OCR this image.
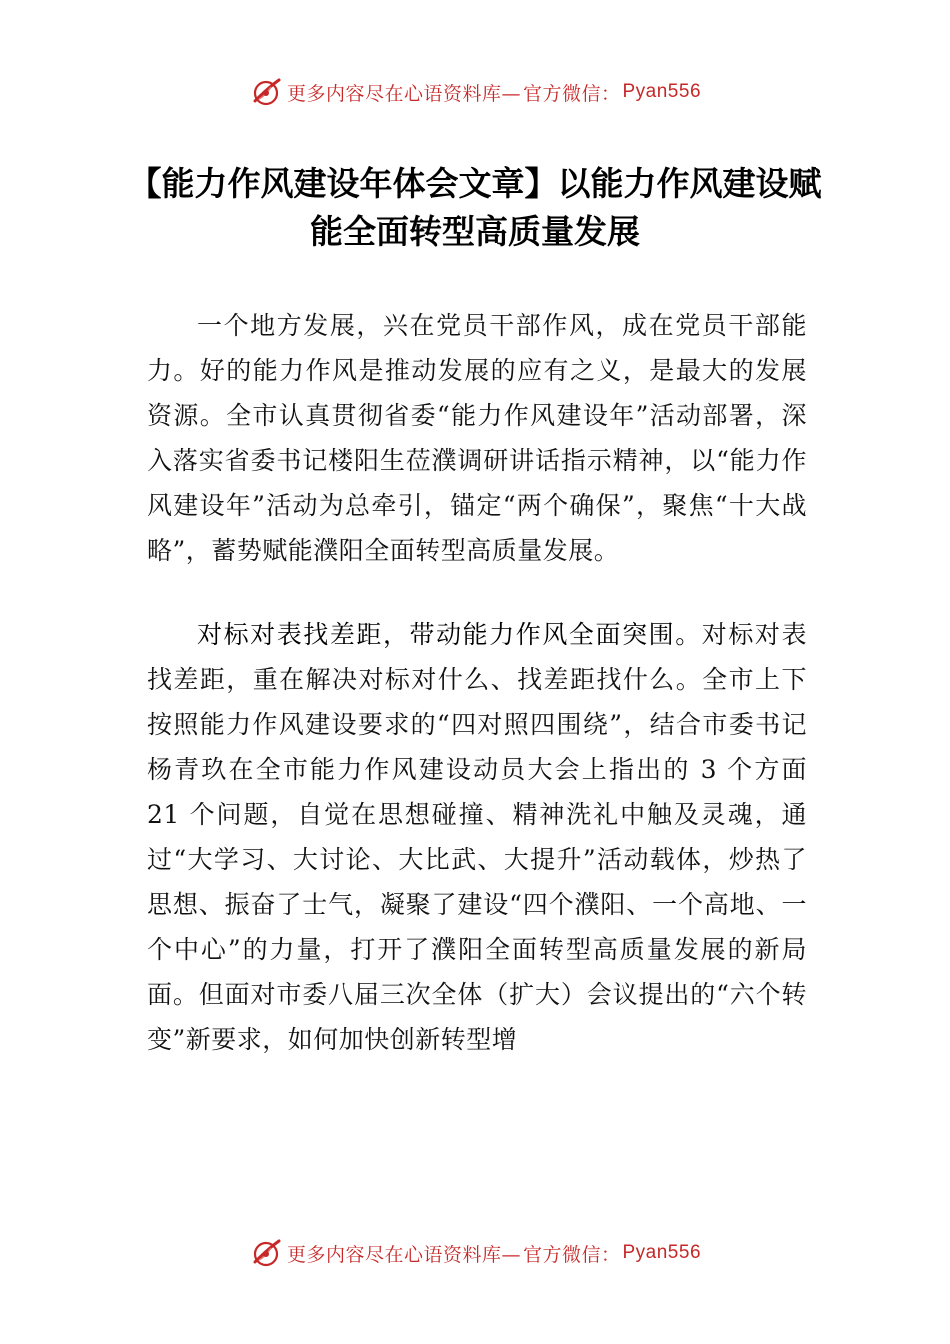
更多内容尽在心语资料库— 官方微信： Pyan556
【能力作风建设年体会文章】以能力作风建设赋能全面转型高质量发展

一个地方发展，兴在党员干部作风，成在党员干部能力。好的能力作风是推动发展的应有之义，是最大的发展资源。全市认真贯彻省委“能力作风建设年”活动部署，深入落实省委书记楼阳生莅濮调研讲话指示精神，以“能力作风建设年”活动为总牵引，锚定“两个确保”，聚焦“十大战略”，蓄势赋能濮阳全面转型高质量发展。

对标对表找差距，带动能力作风全面突围。对标对表找差距，重在解决对标对什么、找差距找什么。全市上下按照能力作风建设要求的“四对照四围绕”，结合市委书记杨青玖在全市能力作风建设动员大会上指出的 3 个方面 21 个问题，自觉在思想碰撞、精神洗礼中触及灵魂，通过“大学习、大讨论、大比武、大提升”活动载体，炒热了思想、振奋了士气，凝聚了建设“四个濮阳、一个高地、一个中心”的力量，打开了濮阳全面转型高质量发展的新局面。但面对市委八届三次全体（扩大）会议提出的“六个转变”新要求，如何加快创新转型增

更多内容尽在心语资料库— 官方微信： Pyan556
